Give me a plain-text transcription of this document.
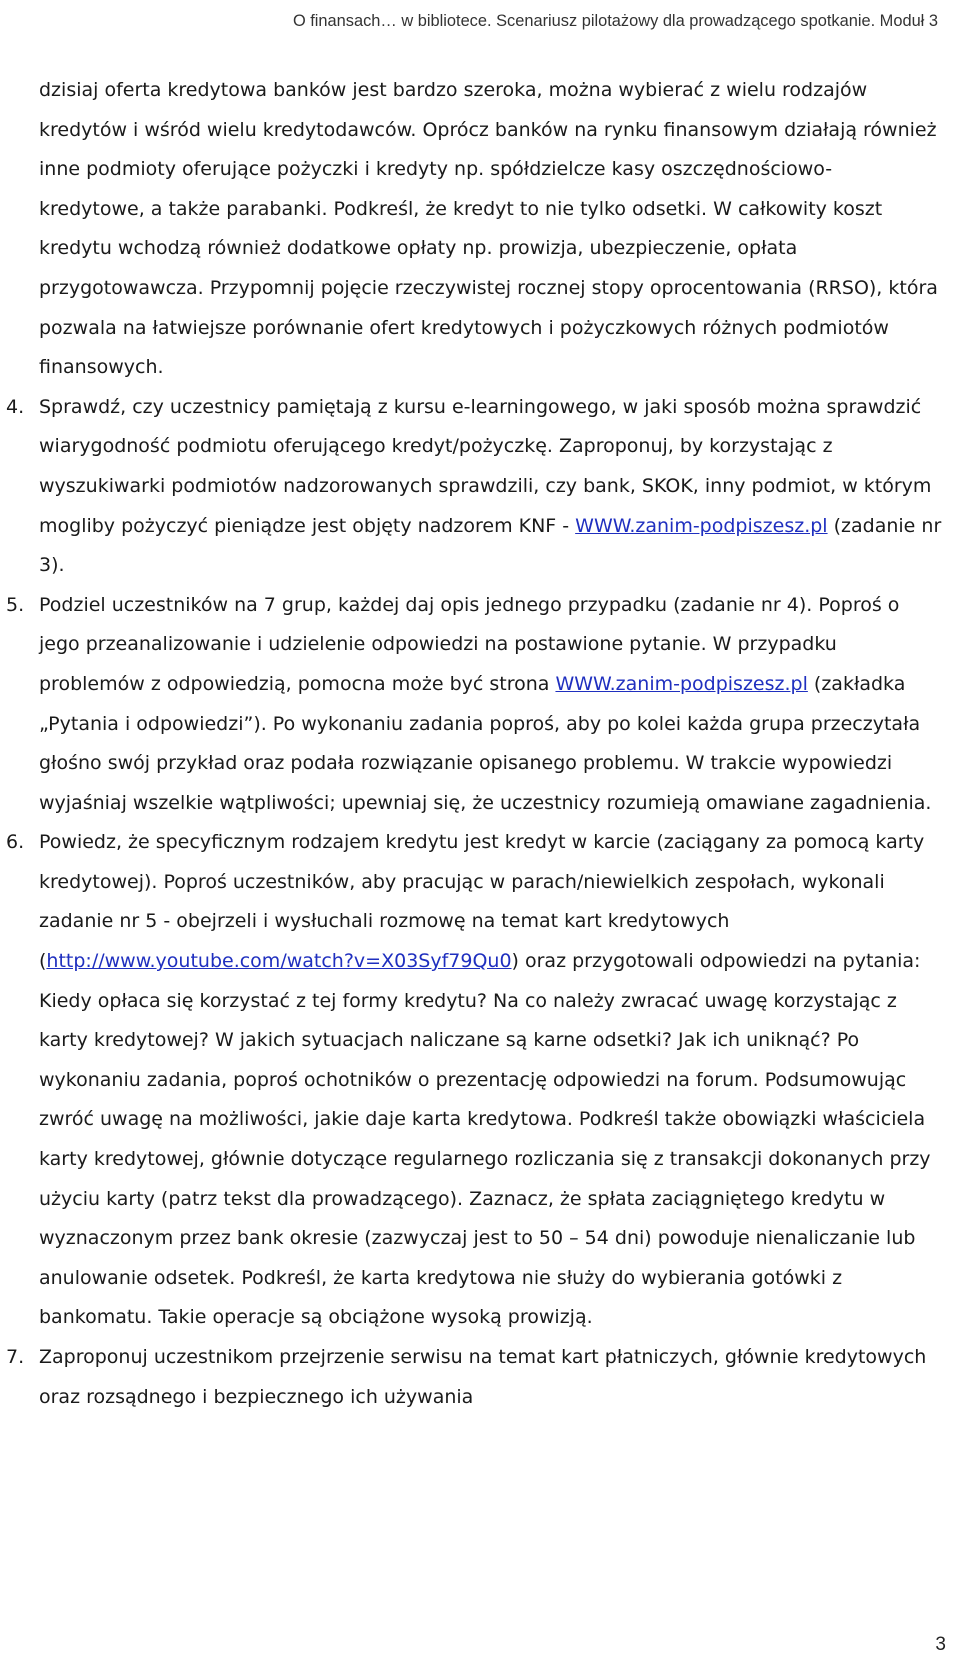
O finansach… w bibliotece. Scenariusz pilotażowy dla prowadzącego spotkanie. Moduł 3
dzisiaj oferta kredytowa banków jest bardzo szeroka, można wybierać z wielu rodzajów kredytów i wśród wielu kredytodawców. Oprócz banków na rynku finansowym działają również inne podmioty oferujące pożyczki i kredyty np. spółdzielcze kasy oszczędnościowo- kredytowe, a także parabanki. Podkreśl, że kredyt to nie tylko odsetki. W całkowity koszt kredytu wchodzą również dodatkowe opłaty np. prowizja, ubezpieczenie, opłata przygotowawcza. Przypomnij pojęcie rzeczywistej rocznej stopy oprocentowania (RRSO), która pozwala na łatwiejsze porównanie ofert kredytowych i pożyczkowych różnych podmiotów finansowych.
4. Sprawdź, czy uczestnicy pamiętają z kursu e-learningowego, w jaki sposób można sprawdzić wiarygodność podmiotu oferującego kredyt/pożyczkę. Zaproponuj, by korzystając z wyszukiwarki podmiotów nadzorowanych sprawdzili, czy bank, SKOK, inny podmiot, w którym mogliby pożyczyć pieniądze jest objęty nadzorem KNF - WWW.zanim-podpiszesz.pl (zadanie nr 3).
5. Podziel uczestników na 7 grup, każdej daj opis jednego przypadku (zadanie nr 4). Poproś o jego przeanalizowanie i udzielenie odpowiedzi na postawione pytanie. W przypadku problemów z odpowiedzią, pomocna może być strona WWW.zanim-podpiszesz.pl (zakładka „Pytania i odpowiedzi”). Po wykonaniu zadania poproś, aby po kolei każda grupa przeczytała głośno swój przykład oraz podała rozwiązanie opisanego problemu. W trakcie wypowiedzi wyjaśniaj wszelkie wątpliwości; upewniaj się, że uczestnicy rozumieją omawiane zagadnienia.
6. Powiedz, że specyficznym rodzajem kredytu jest kredyt w karcie (zaciągany za pomocą karty kredytowej). Poproś uczestników, aby pracując w parach/niewielkich zespołach, wykonali zadanie nr 5 - obejrzeli i wysłuchali rozmowę na temat kart kredytowych (http://www.youtube.com/watch?v=X03Syf79Qu0) oraz przygotowali odpowiedzi na pytania: Kiedy opłaca się korzystać z tej formy kredytu? Na co należy zwracać uwagę korzystając z karty kredytowej? W jakich sytuacjach naliczane są karne odsetki? Jak ich uniknąć? Po wykonaniu zadania, poproś ochotników o prezentację odpowiedzi na forum. Podsumowując zwróć uwagę na możliwości, jakie daje karta kredytowa. Podkreśl także obowiązki właściciela karty kredytowej, głównie dotyczące regularnego rozliczania się z transakcji dokonanych przy użyciu karty (patrz tekst dla prowadzącego). Zaznacz, że spłata zaciągniętego kredytu w wyznaczonym przez bank okresie (zazwyczaj jest to 50 – 54 dni) powoduje nienaliczanie lub anulowanie odsetek. Podkreśl, że karta kredytowa nie służy do wybierania gotówki z bankomatu. Takie operacje są obciążone wysoką prowizją.
7. Zaproponuj uczestnikom przejrzenie serwisu na temat kart płatniczych, głównie kredytowych oraz rozsądnego i bezpiecznego ich używania
3
